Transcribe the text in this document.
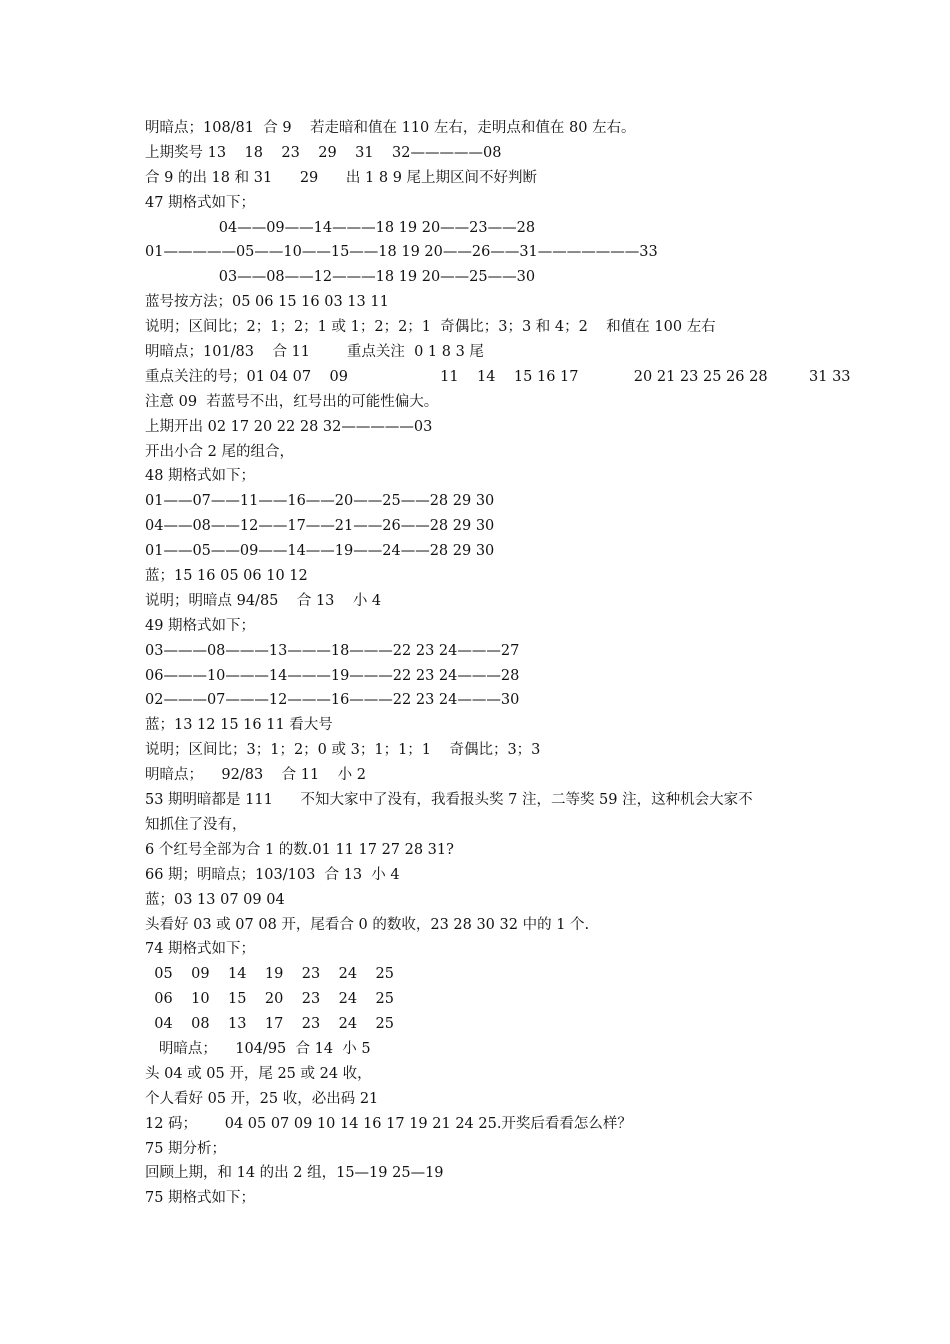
明暗点；108/81  合 9    若走暗和值在 110 左右，走明点和值在 80 左右。
上期奖号 13    18    23    29    31    32—————08
合 9 的出 18 和 31      29      出 1 8 9 尾上期区间不好判断
47 期格式如下；
04——09——14———18 19 20——23——28
01—————05——10——15——18 19 20——26——31———————33
03——08——12———18 19 20——25——30
蓝号按方法；05 06 15 16 03 13 11
说明；区间比；2；1；2；1 或 1；2；2；1  奇偶比；3；3 和 4；2    和值在 100 左右
明暗点；101/83    合 11        重点关注  0 1 8 3 尾
重点关注的号；01 04 07    09                    11    14    15 16 17            20 21 23 25 26 28         31 33
注意 09  若蓝号不出，红号出的可能性偏大。
上期开出 02 17 20 22 28 32—————03
开出小合 2 尾的组合，
48 期格式如下；
01——07——11——16——20——25——28 29 30
04——08——12——17——21——26——28 29 30
01——05——09——14——19——24——28 29 30
蓝；15 16 05 06 10 12
说明；明暗点 94/85    合 13    小 4
49 期格式如下；
03———08———13———18———22 23 24———27
06———10———14———19———22 23 24———28
02———07———12———16———22 23 24———30
蓝；13 12 15 16 11 看大号
说明；区间比；3；1；2；0 或 3；1；1；1    奇偶比；3；3
明暗点；    92/83    合 11    小 2
53 期明暗都是 111      不知大家中了没有，我看报头奖 7 注，二等奖 59 注，这种机会大家不
知抓住了没有，
6 个红号全部为合 1 的数.01 11 17 27 28 31?
66 期；明暗点；103/103  合 13  小 4
蓝；03 13 07 09 04
头看好 03 或 07 08 开，尾看合 0 的数收，23 28 30 32 中的 1 个.
74 期格式如下；
05    09    14    19    23    24    25
06    10    15    20    23    24    25
04    08    13    17    23    24    25
明暗点；    104/95  合 14  小 5
头 04 或 05 开，尾 25 或 24 收，
个人看好 05 开，25 收，必出码 21
12 码；      04 05 07 09 10 14 16 17 19 21 24 25.开奖后看看怎么样？
75 期分析；
回顾上期，和 14 的出 2 组，15—19 25—19
75 期格式如下；
